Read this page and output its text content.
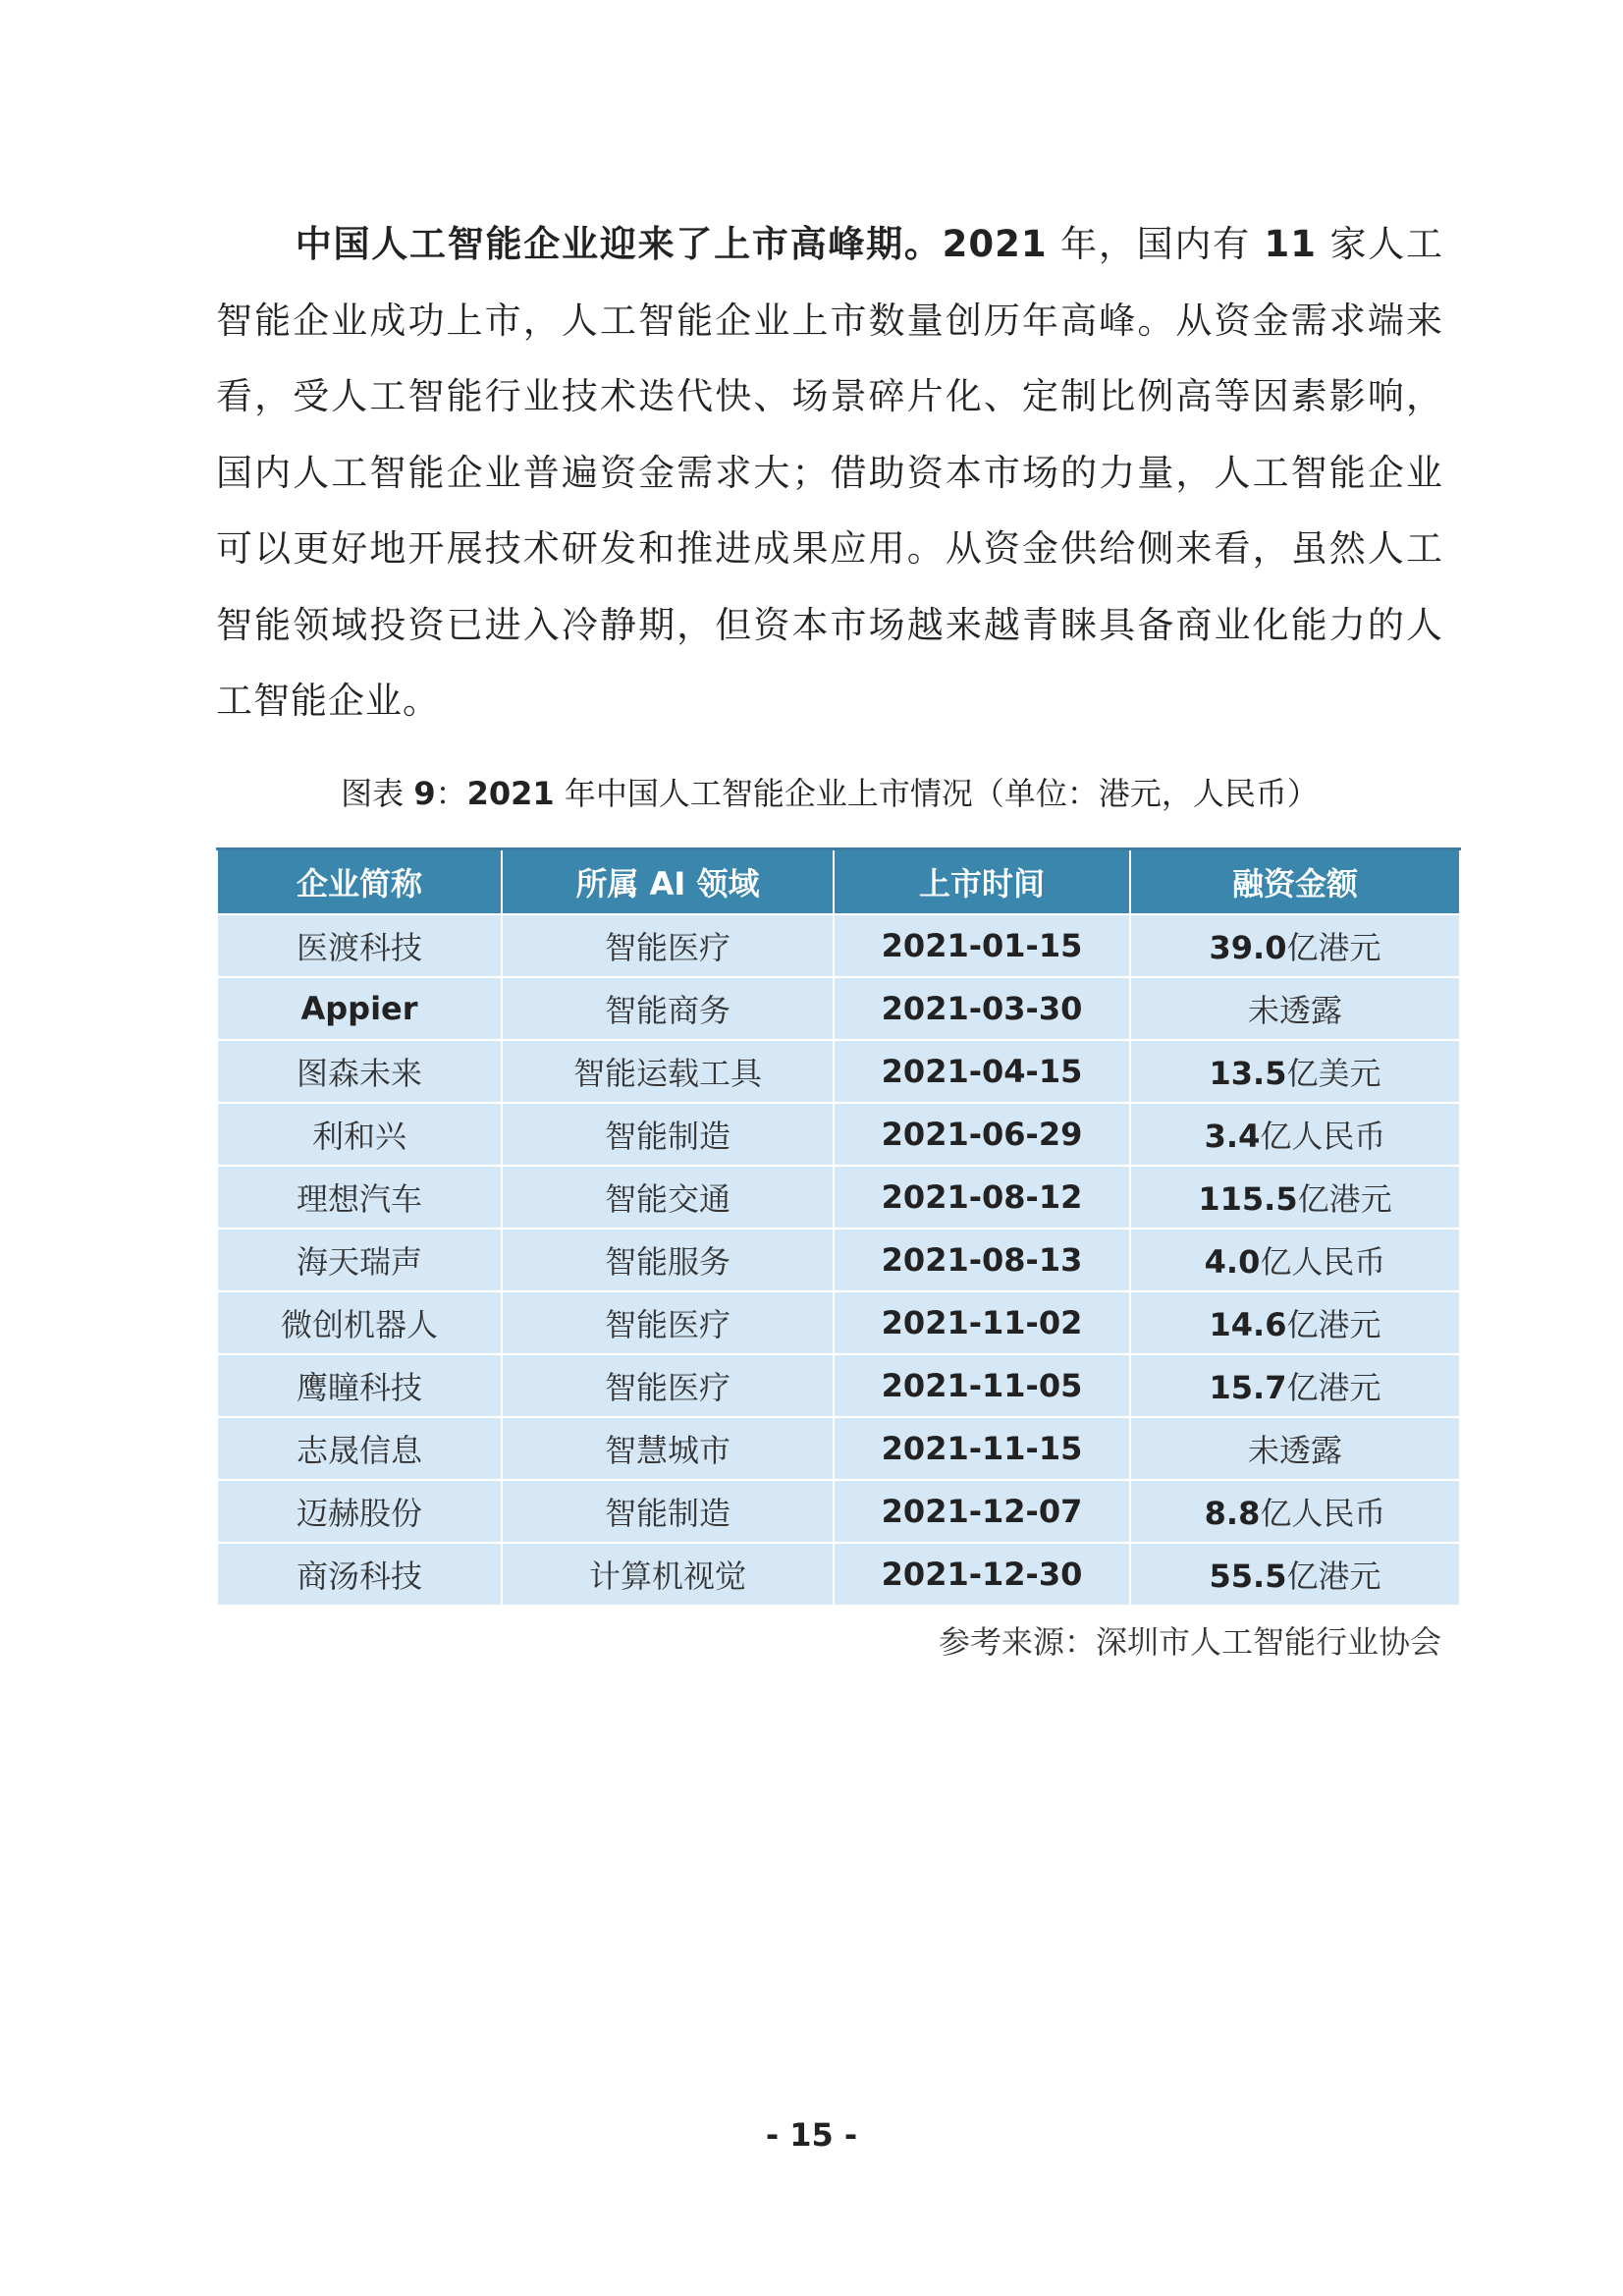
中国人工智能企业迎来了上市高峰期。2021 年，国内有 11 家人工智能企业成功上市，人工智能企业上市数量创历年高峰。从资金需求端来看，受人工智能行业技术迭代快、场景碎片化、定制比例高等因素影响，国内人工智能企业普遍资金需求大；借助资本市场的力量，人工智能企业可以更好地开展技术研发和推进成果应用。从资金供给侧来看，虽然人工智能领域投资已进入冷静期，但资本市场越来越青睐具备商业化能力的人工智能企业。
图表 9：2021 年中国人工智能企业上市情况（单位：港元，人民币）
企业简称	所属 AI 领域	上市时间	融资金额
医渡科技	智能医疗	2021-01-15	39.0亿港元
Appier	智能商务	2021-03-30	未透露
图森未来	智能运载工具	2021-04-15	13.5亿美元
利和兴	智能制造	2021-06-29	3.4亿人民币
理想汽车	智能交通	2021-08-12	115.5亿港元
海天瑞声	智能服务	2021-08-13	4.0亿人民币
微创机器人	智能医疗	2021-11-02	14.6亿港元
鹰瞳科技	智能医疗	2021-11-05	15.7亿港元
志晟信息	智慧城市	2021-11-15	未透露
迈赫股份	智能制造	2021-12-07	8.8亿人民币
商汤科技	计算机视觉	2021-12-30	55.5亿港元
参考来源：深圳市人工智能行业协会
- 15 -
